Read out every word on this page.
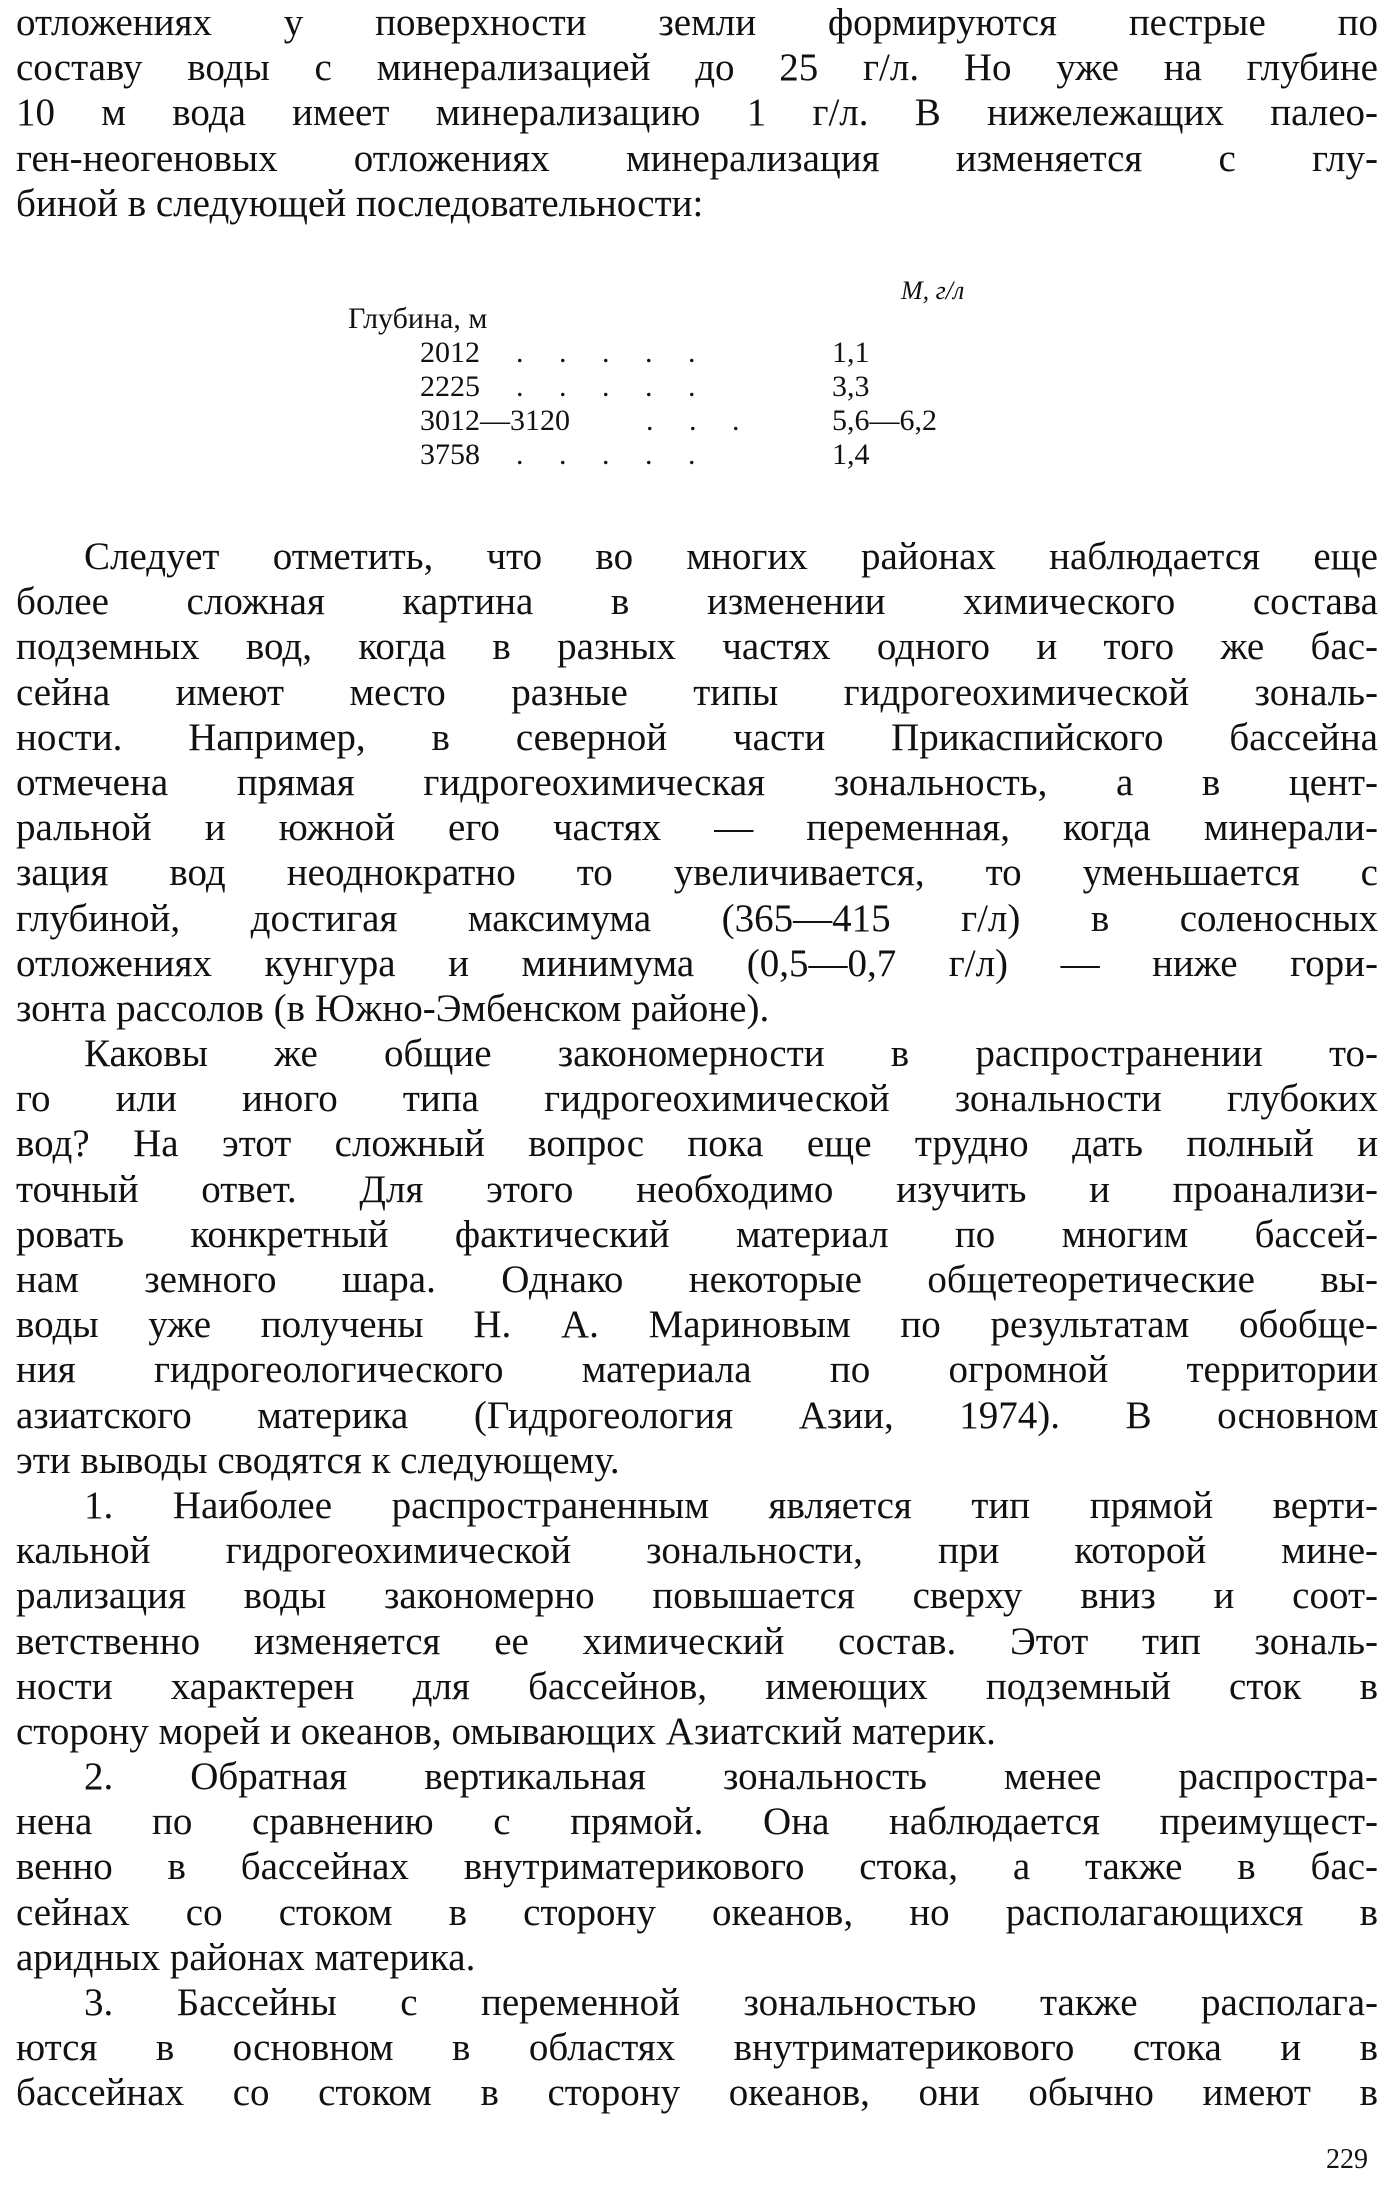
отложениях у поверхности земли формируются пестрые по
составу воды с минерализацией до 25 г/л. Но уже на глубине
10 м вода имеет минерализацию 1 г/л. В нижележащих палео-
ген-неогеновых отложениях минерализация изменяется с глу-
биной в следующей последовательности:
М, г/л
Глубина, м
2012 . . . . .	1,1
2225 . . . . .	3,3
3012—3120	. . .	5,6—6,2
3758 . . . . .	1,4
Следует отметить, что во многих районах наблюдается еще
более сложная картина в изменении химического состава
подземных вод, когда в разных частях одного и того же бас-
сейна имеют место разные типы гидрогеохимической зональ-
ности. Например, в северной части Прикаспийского бассейна
отмечена прямая гидрогеохимическая зональность, а в цент-
ральной и южной его частях — переменная, когда минерали-
зация вод неоднократно то увеличивается, то уменьшается с
глубиной, достигая максимума (365—415 г/л) в соленосных
отложениях кунгура и минимума (0,5—0,7 г/л) — ниже гори-
зонта рассолов (в Южно-Эмбенском районе).
Каковы же общие закономерности в распространении то-
го или иного типа гидрогеохимической зональности глубоких
вод? На этот сложный вопрос пока еще трудно дать полный и
точный ответ. Для этого необходимо изучить и проанализи-
ровать конкретный фактический материал по многим бассей-
нам земного шара. Однако некоторые общетеоретические вы-
воды уже получены Н. А. Мариновым по результатам обобще-
ния гидрогеологического материала по огромной территории
азиатского материка (Гидрогеология Азии, 1974). В основном
эти выводы сводятся к следующему.
1. Наиболее распространенным является тип прямой верти-
кальной гидрогеохимической зональности, при которой мине-
рализация воды закономерно повышается сверху вниз и соот-
ветственно изменяется ее химический состав. Этот тип зональ-
ности характерен для бассейнов, имеющих подземный сток в
сторону морей и океанов, омывающих Азиатский материк.
2. Обратная вертикальная зональность менее распростра-
нена по сравнению с прямой. Она наблюдается преимущест-
венно в бассейнах внутриматерикового стока, а также в бас-
сейнах со стоком в сторону океанов, но располагающихся в
аридных районах материка.
3. Бассейны с переменной зональностью также располага-
ются в основном в областях внутриматерикового стока и в
бассейнах со стоком в сторону океанов, они обычно имеют в
229
